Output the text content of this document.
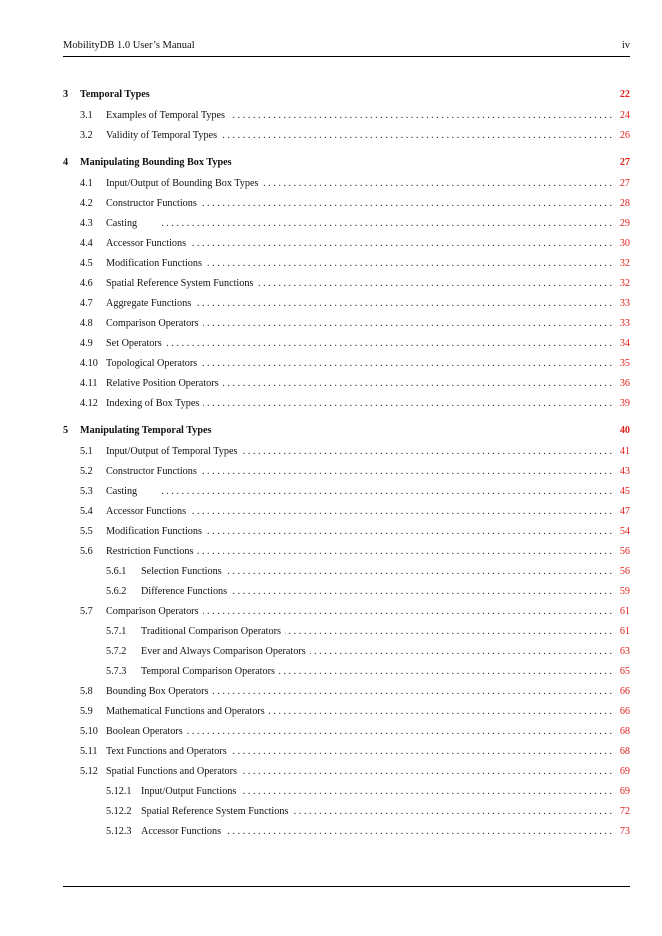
MobilityDB 1.0 User’s Manual	iv
3	Temporal Types	22
3.1	Examples of Temporal Types . . .	24
3.2	Validity of Temporal Types . . .	26
4	Manipulating Bounding Box Types	27
4.1	Input/Output of Bounding Box Types . . .	27
4.2	Constructor Functions . . .	28
4.3	Casting . . .	29
4.4	Accessor Functions . . .	30
4.5	Modification Functions . . .	32
4.6	Spatial Reference System Functions . . .	32
4.7	Aggregate Functions . . .	33
4.8	Comparison Operators . . .	33
4.9	Set Operators . . .	34
4.10 Topological Operators . . .	35
4.11 Relative Position Operators . . .	36
4.12 Indexing of Box Types . . .	39
5	Manipulating Temporal Types	40
5.1	Input/Output of Temporal Types . . .	41
5.2	Constructor Functions . . .	43
5.3	Casting . . .	45
5.4	Accessor Functions . . .	47
5.5	Modification Functions . . .	54
5.6	Restriction Functions . . .	56
5.6.1	Selection Functions . . .	56
5.6.2	Difference Functions . . .	59
5.7	Comparison Operators . . .	61
5.7.1	Traditional Comparison Operators . . .	61
5.7.2	Ever and Always Comparison Operators . . .	63
5.7.3	Temporal Comparison Operators . . .	65
5.8	Bounding Box Operators . . .	66
5.9	Mathematical Functions and Operators . . .	66
5.10 Boolean Operators . . .	68
5.11 Text Functions and Operators . . .	68
5.12 Spatial Functions and Operators . . .	69
5.12.1 Input/Output Functions . . .	69
5.12.2 Spatial Reference System Functions . . .	72
5.12.3 Accessor Functions . . .	73
